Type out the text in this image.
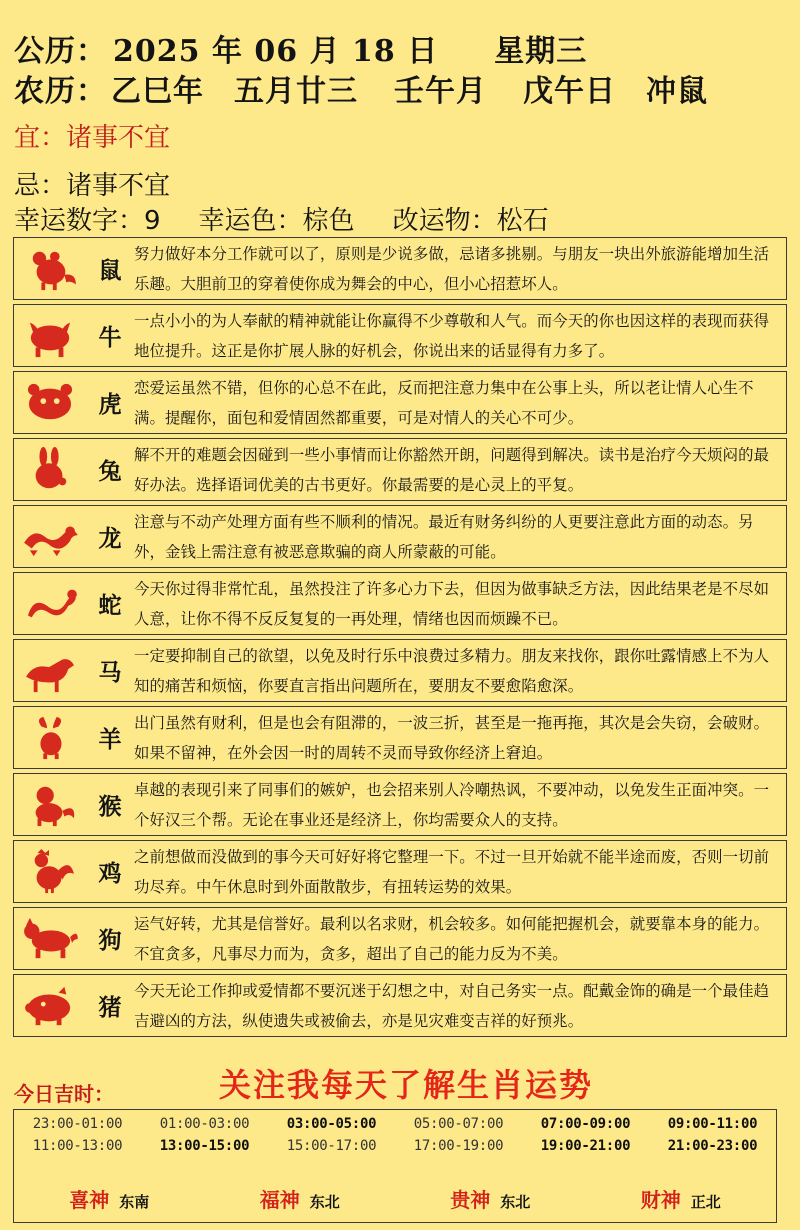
公历： 2025 年 06 月 18 日 星期三
农历： 乙巳年 五月廿三 壬午月 戊午日 冲鼠
宜：诸事不宜
忌：诸事不宜
幸运数字：9 幸运色：棕色 改运物：松石
鼠
努力做好本分工作就可以了，原则是少说多做，忌诸多挑剔。与朋友一块出外旅游能增加生活乐趣。大胆前卫的穿着使你成为舞会的中心，但小心招惹坏人。
牛
一点小小的为人奉献的精神就能让你赢得不少尊敬和人气。而今天的你也因这样的表现而获得地位提升。这正是你扩展人脉的好机会，你说出来的话显得有力多了。
虎
恋爱运虽然不错，但你的心总不在此，反而把注意力集中在公事上头，所以老让情人心生不满。提醒你，面包和爱情固然都重要，可是对情人的关心不可少。
兔
解不开的难题会因碰到一些小事情而让你豁然开朗，问题得到解决。读书是治疗今天烦闷的最好办法。选择语词优美的古书更好。你最需要的是心灵上的平复。
龙
注意与不动产处理方面有些不顺利的情况。最近有财务纠纷的人更要注意此方面的动态。另外，金钱上需注意有被恶意欺骗的商人所蒙蔽的可能。
蛇
今天你过得非常忙乱，虽然投注了许多心力下去，但因为做事缺乏方法，因此结果老是不尽如人意，让你不得不反反复复的一再处理，情绪也因而烦躁不已。
马
一定要抑制自己的欲望，以免及时行乐中浪费过多精力。朋友来找你，跟你吐露情感上不为人知的痛苦和烦恼，你要直言指出问题所在，要朋友不要愈陷愈深。
羊
出门虽然有财利，但是也会有阻滞的，一波三折，甚至是一拖再拖，其次是会失窃，会破财。如果不留神，在外会因一时的周转不灵而导致你经济上窘迫。
猴
卓越的表现引来了同事们的嫉妒，也会招来别人冷嘲热讽，不要冲动，以免发生正面冲突。一个好汉三个帮。无论在事业还是经济上，你均需要众人的支持。
鸡
之前想做而没做到的事今天可好好将它整理一下。不过一旦开始就不能半途而废，否则一切前功尽弃。中午休息时到外面散散步，有扭转运势的效果。
狗
运气好转，尤其是信誉好。最利以名求财，机会较多。如何能把握机会，就要靠本身的能力。不宜贪多，凡事尽力而为，贪多，超出了自己的能力反为不美。
猪
今天无论工作抑或爱情都不要沉迷于幻想之中，对自己务实一点。配戴金饰的确是一个最佳趋吉避凶的方法，纵使遗失或被偷去，亦是见灾难变吉祥的好预兆。
今日吉时：	关注我每天了解生肖运势
23:00-01:00	01:00-03:00	03:00-05:00	05:00-07:00	07:00-09:00	09:00-11:00
11:00-13:00	13:00-15:00	15:00-17:00	17:00-19:00	19:00-21:00	21:00-23:00
喜神 东南	福神 东北	贵神 东北	财神 正北
